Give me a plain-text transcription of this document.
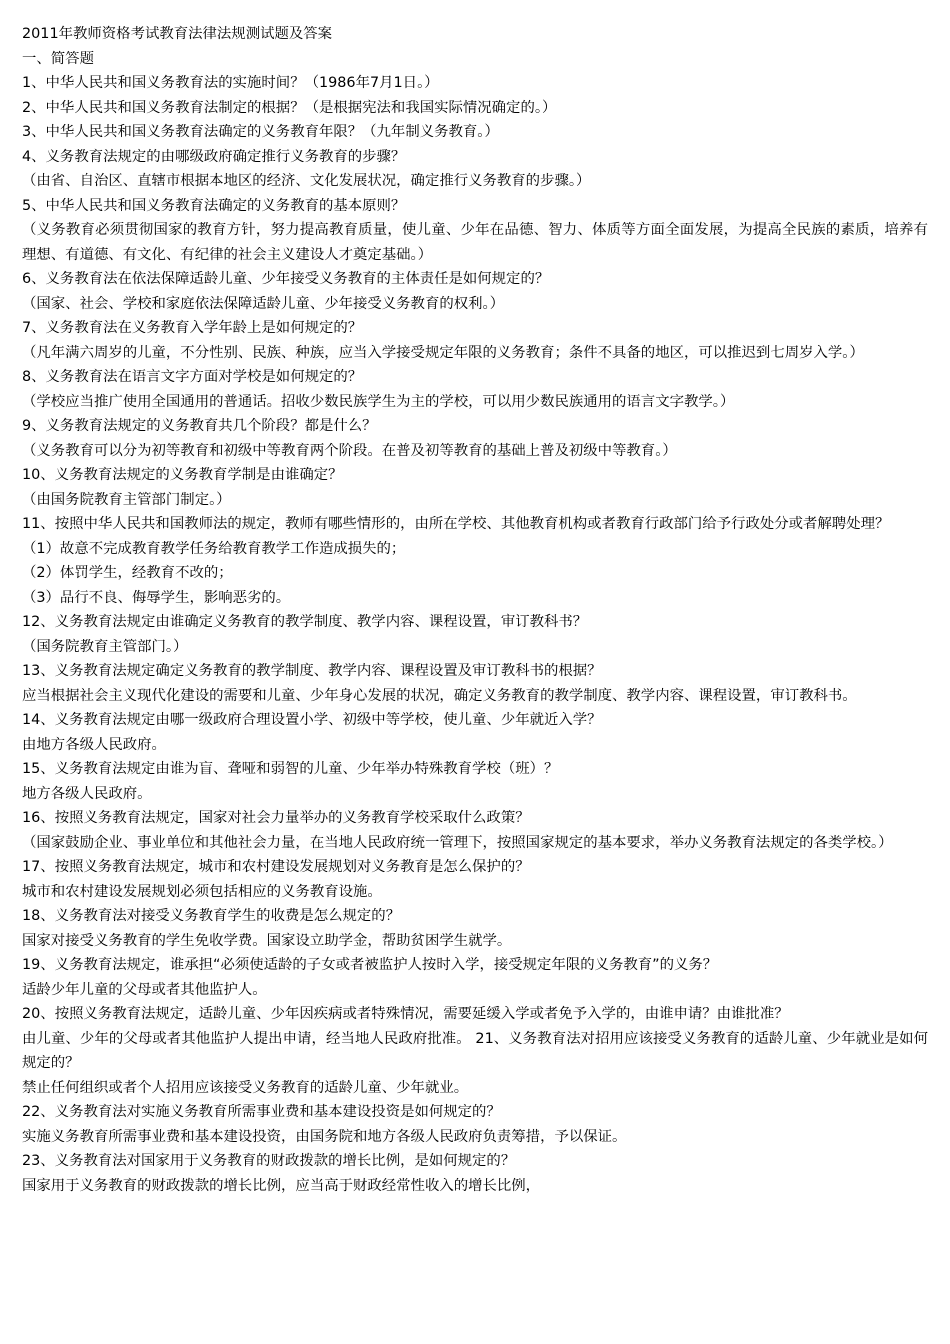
2011年教师资格考试教育法律法规测试题及答案
一、简答题
1、中华人民共和国义务教育法的实施时间？（1986年7月1日。）
2、中华人民共和国义务教育法制定的根据？（是根据宪法和我国实际情况确定的。）
3、中华人民共和国义务教育法确定的义务教育年限？（九年制义务教育。）
4、义务教育法规定的由哪级政府确定推行义务教育的步骤？
（由省、自治区、直辖市根据本地区的经济、文化发展状况，确定推行义务教育的步骤。）
5、中华人民共和国义务教育法确定的义务教育的基本原则？
（义务教育必须贯彻国家的教育方针，努力提高教育质量，使儿童、少年在品德、智力、体质等方面全面发展，为提高全民族的素质，培养有理想、有道德、有文化、有纪律的社会主义建设人才奠定基础。）
6、义务教育法在依法保障适龄儿童、少年接受义务教育的主体责任是如何规定的？
（国家、社会、学校和家庭依法保障适龄儿童、少年接受义务教育的权利。）
7、义务教育法在义务教育入学年龄上是如何规定的？
（凡年满六周岁的儿童，不分性别、民族、种族，应当入学接受规定年限的义务教育；条件不具备的地区，可以推迟到七周岁入学。）
8、义务教育法在语言文字方面对学校是如何规定的？
（学校应当推广使用全国通用的普通话。招收少数民族学生为主的学校，可以用少数民族通用的语言文字教学。）
9、义务教育法规定的义务教育共几个阶段？都是什么？
（义务教育可以分为初等教育和初级中等教育两个阶段。在普及初等教育的基础上普及初级中等教育。）
10、义务教育法规定的义务教育学制是由谁确定？
（由国务院教育主管部门制定。）
11、按照中华人民共和国教师法的规定，教师有哪些情形的，由所在学校、其他教育机构或者教育行政部门给予行政处分或者解聘处理？
（1）故意不完成教育教学任务给教育教学工作造成损失的；
（2）体罚学生，经教育不改的；
（3）品行不良、侮辱学生，影响恶劣的。
12、义务教育法规定由谁确定义务教育的教学制度、教学内容、课程设置，审订教科书？
（国务院教育主管部门。）
13、义务教育法规定确定义务教育的教学制度、教学内容、课程设置及审订教科书的根据？
应当根据社会主义现代化建设的需要和儿童、少年身心发展的状况，确定义务教育的教学制度、教学内容、课程设置，审订教科书。
14、义务教育法规定由哪一级政府合理设置小学、初级中等学校，使儿童、少年就近入学？
由地方各级人民政府。
15、义务教育法规定由谁为盲、聋哑和弱智的儿童、少年举办特殊教育学校（班）？
地方各级人民政府。
16、按照义务教育法规定，国家对社会力量举办的义务教育学校采取什么政策？
（国家鼓励企业、事业单位和其他社会力量，在当地人民政府统一管理下，按照国家规定的基本要求，举办义务教育法规定的各类学校。）
17、按照义务教育法规定，城市和农村建设发展规划对义务教育是怎么保护的？
城市和农村建设发展规划必须包括相应的义务教育设施。
18、义务教育法对接受义务教育学生的收费是怎么规定的？
国家对接受义务教育的学生免收学费。国家设立助学金，帮助贫困学生就学。
19、义务教育法规定，谁承担“必须使适龄的子女或者被监护人按时入学，接受规定年限的义务教育”的义务？
适龄少年儿童的父母或者其他监护人。
20、按照义务教育法规定，适龄儿童、少年因疾病或者特殊情况，需要延缓入学或者免予入学的，由谁申请？由谁批准？
由儿童、少年的父母或者其他监护人提出申请，经当地人民政府批准。 21、义务教育法对招用应该接受义务教育的适龄儿童、少年就业是如何规定的？
禁止任何组织或者个人招用应该接受义务教育的适龄儿童、少年就业。
22、义务教育法对实施义务教育所需事业费和基本建设投资是如何规定的？
实施义务教育所需事业费和基本建设投资，由国务院和地方各级人民政府负责筹措，予以保证。
23、义务教育法对国家用于义务教育的财政拨款的增长比例，是如何规定的？
国家用于义务教育的财政拨款的增长比例，应当高于财政经常性收入的增长比例，
